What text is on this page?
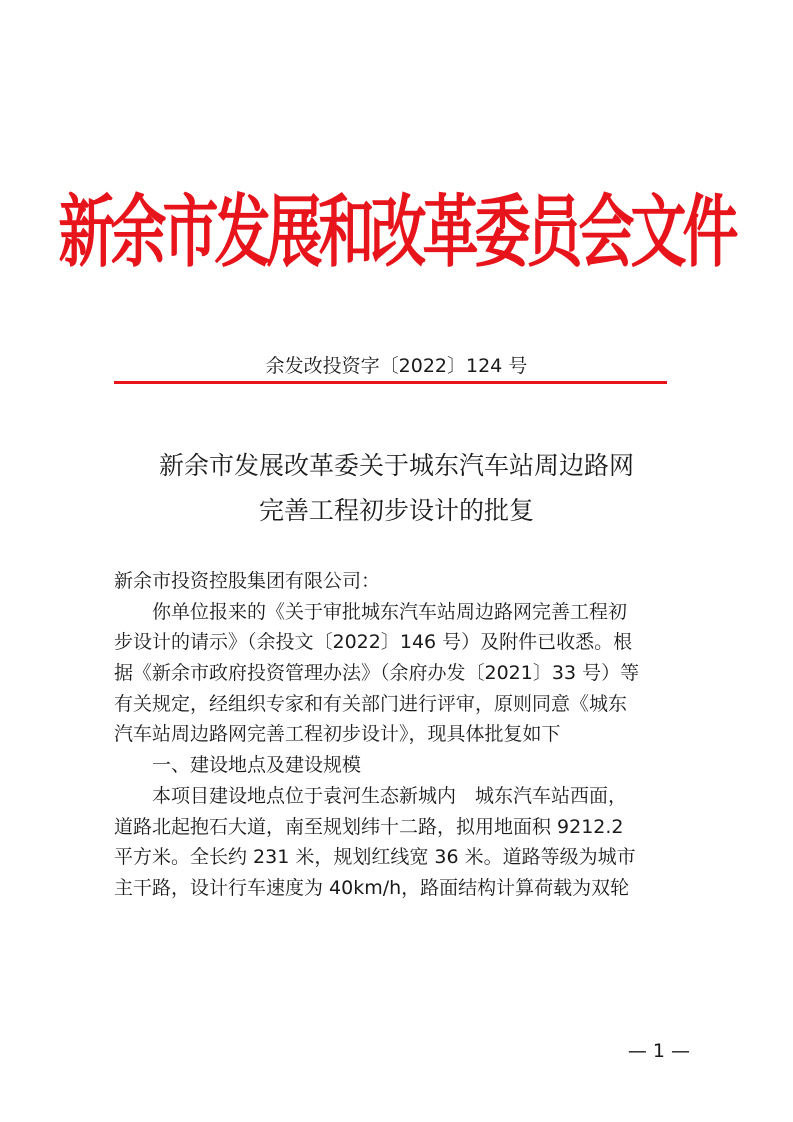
新余市发展和改革委员会文件
余发改投资字〔2022〕124 号
新余市发展改革委关于城东汽车站周边路网
完善工程初步设计的批复
新余市投资控股集团有限公司：
你单位报来的《关于审批城东汽车站周边路网完善工程初
步设计的请示》（余投文〔2022〕146 号）及附件已收悉。根
据《新余市政府投资管理办法》（余府办发〔2021〕33 号）等
有关规定，经组织专家和有关部门进行评审，原则同意《城东
汽车站周边路网完善工程初步设计》，现具体批复如下
一、建设地点及建设规模
本项目建设地点位于袁河生态新城内　城东汽车站西面，
道路北起抱石大道，南至规划纬十二路，拟用地面积 9212.2
平方米。全长约 231 米，规划红线宽 36 米。道路等级为城市
主干路，设计行车速度为 40km/h，路面结构计算荷载为双轮
— 1 —
